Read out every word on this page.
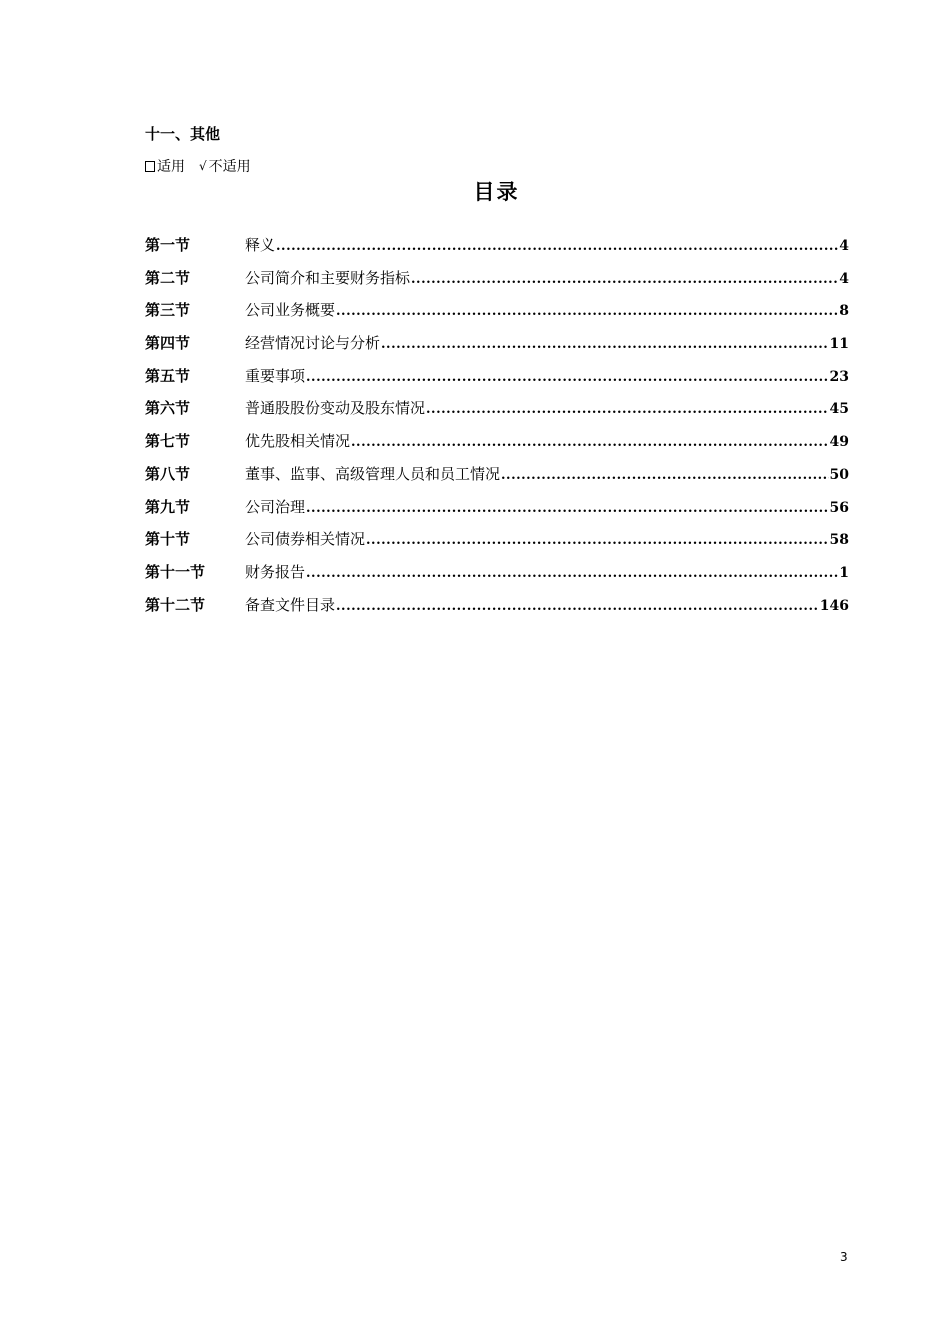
十一、其他
适用 √ 不适用
目录
第一节	释义 .....	4
第二节	公司简介和主要财务指标 .....	4
第三节	公司业务概要 .....	8
第四节	经营情况讨论与分析 .....	11
第五节	重要事项 .....	23
第六节	普通股股份变动及股东情况 .....	45
第七节	优先股相关情况 .....	49
第八节	董事、监事、高级管理人员和员工情况 .....	50
第九节	公司治理 .....	56
第十节	公司债券相关情况 .....	58
第十一节	财务报告 .....	1
第十二节	备查文件目录 .....	146
3
